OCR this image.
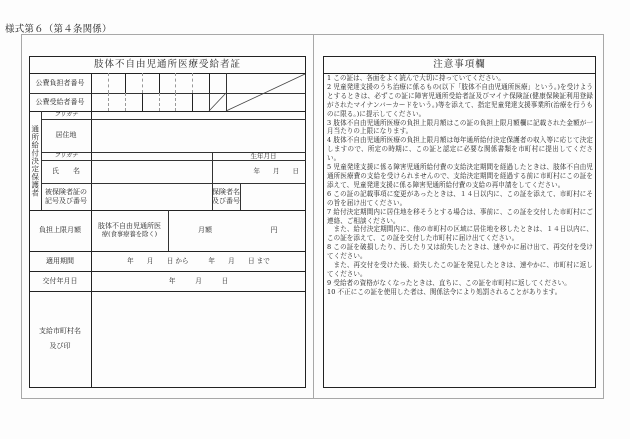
様式第６（第４条関係）
肢体不自由児通所医療受給者証
公費負担者番号
公費受給者番号
通所給付決定保護者
フリガナ
居住地
フリガナ	生年月日
氏　　名	年　　月　　日
被保険者証の
記号及び番号
保険者名
及び番号
負担上限月額	肢体不自由児通所医
療(食事療養を除く)
月額	円
適用期間	年　　月　　日 から　　　年　　月　　日 まで
交付年月日	年　　　月　　　日
支給市町村名
及び印
注意事項欄

1 この証は、各面をよく読んで大切に持っていてください。

2 児童発達支援のうち治療に係るもの(以下「肢体不自由児通所医療」という。)を受けようとするときは、必ずこの証に障害児通所受給者証及びマイナ保険証(健康保険証利用登録がされたマイナンバーカードをいう。)等を添えて、指定児童発達支援事業所(治療を行うものに限る。)に提示してください。

3 肢体不自由児通所医療の負担上限月額はこの証の負担上限月額欄に記載された金額が一月当たりの上限になります。

4 肢体不自由児通所医療の負担上限月額は毎年通所給付決定保護者の収入等に応じて決定しますので、所定の時期に、この証と認定に必要な関係書類を市町村に提出してください。

5 児童発達支援に係る障害児通所給付費の支給決定期間を経過したときは、肢体不自由児通所医療費の支給を受けられませんので、支給決定期間を経過する前に市町村にこの証を添えて、児童発達支援に係る障害児通所給付費の支給の再申請をしてください。

6 この証の記載事項に変更があったときは、１４日以内に、この証を添えて、市町村にその旨を届け出てください。

7 給付決定期間内に居住地を移そうとする場合は、事前に、この証を交付した市町村にご連絡、ご相談ください。

また、給付決定期間内に、他の市町村の区域に居住地を移したときは、１４日以内に、この証を添えて、この証を交付した市町村に届け出てください。

8 この証を破損したり、汚したり又は紛失したときは、速やかに届け出て、再交付を受けてください。

また、再交付を受けた後、紛失したこの証を発見したときは、速やかに、市町村に返してください。

9 受給者の資格がなくなったときは、直ちに、この証を市町村に返してください。

10 不正にこの証を使用した者は、関係法令により処罰されることがあります。
